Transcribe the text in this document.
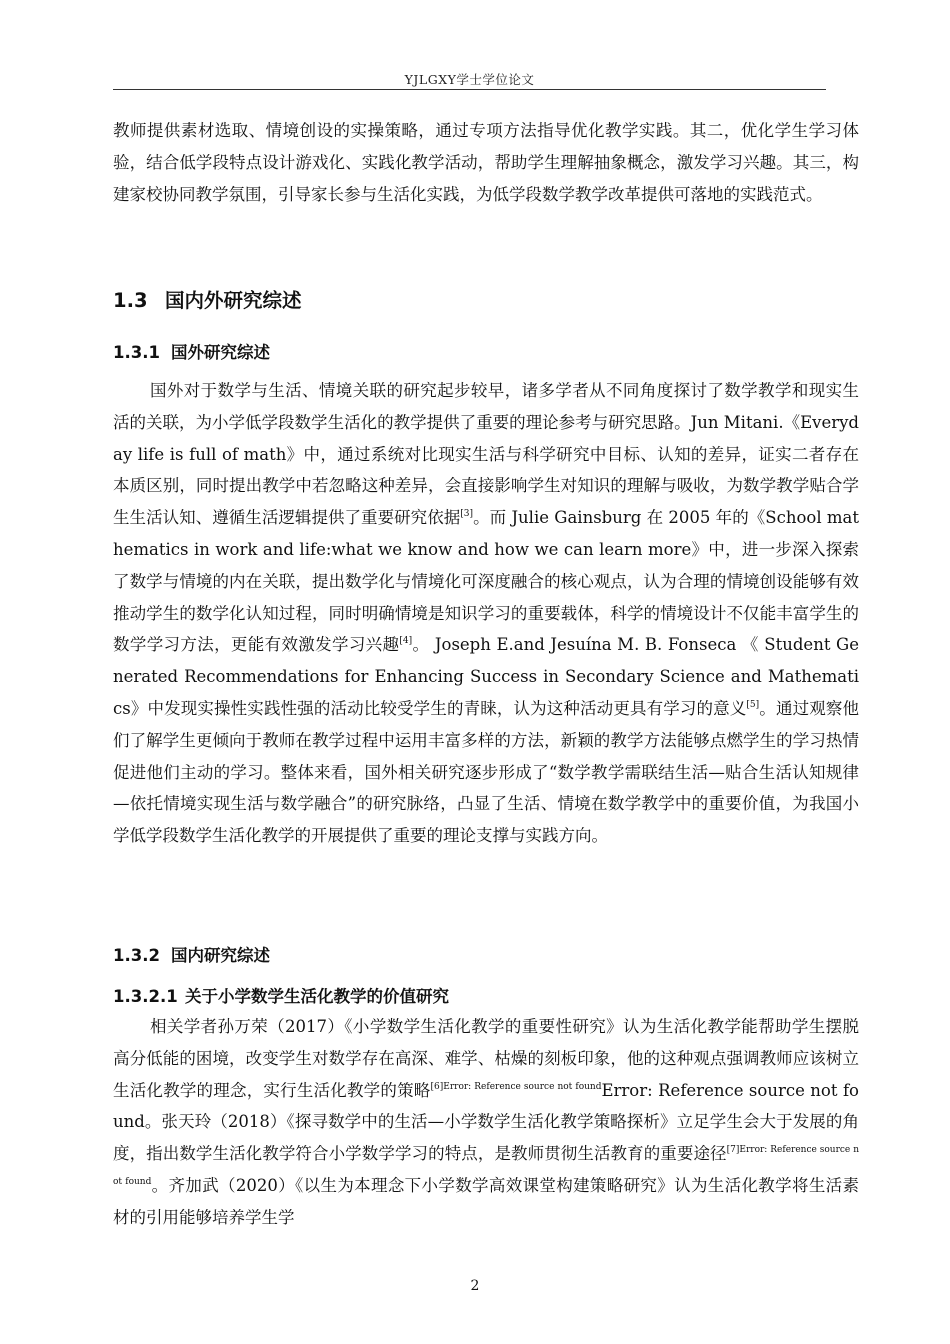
YJLGXY学士学位论文

教师提供素材选取、情境创设的实操策略，通过专项方法指导优化教学实践。其二，优化学生学习体验，结合低学段特点设计游戏化、实践化教学活动，帮助学生理解抽象概念，激发学习兴趣。其三，构建家校协同教学氛围，引导家长参与生活化实践，为低学段数学教学改革提供可落地的实践范式。

1.3 国内外研究综述
1.3.1 国外研究综述

国外对于数学与生活、情境关联的研究起步较早，诸多学者从不同角度探讨了数学教学和现实生活的关联，为小学低学段数学生活化的教学提供了重要的理论参考与研究思路。Jun Mitani.《Everyday life is full of math》中，通过系统对比现实生活与科学研究中目标、认知的差异，证实二者存在本质区别，同时提出教学中若忽略这种差异，会直接影响学生对知识的理解与吸收，为数学教学贴合学生生活认知、遵循生活逻辑提供了重要研究依据[3]。而 Julie Gainsburg 在 2005 年的《School mathematics in work and life:what we know and how we can learn more》中，进一步深入探索了数学与情境的内在关联，提出数学化与情境化可深度融合的核心观点，认为合理的情境创设能够有效推动学生的数学化认知过程，同时明确情境是知识学习的重要载体，科学的情境设计不仅能丰富学生的数学学习方法，更能有效激发学习兴趣[4]。 Joseph E.and Jesuína M. B. Fonseca 《 Student Generated Recommendations for Enhancing Success in Secondary Science and Mathematics》中发现实操性实践性强的活动比较受学生的青睐，认为这种活动更具有学习的意义[5]。通过观察他们了解学生更倾向于教师在教学过程中运用丰富多样的方法，新颖的教学方法能够点燃学生的学习热情促进他们主动的学习。整体来看，国外相关研究逐步形成了“数学教学需联结生活—贴合生活认知规律—依托情境实现生活与数学融合”的研究脉络，凸显了生活、情境在数学教学中的重要价值，为我国小学低学段数学生活化教学的开展提供了重要的理论支撑与实践方向。

1.3.2 国内研究综述
1.3.2.1 关于小学数学生活化教学的价值研究

相关学者孙万荣（2017）《小学数学生活化教学的重要性研究》认为生活化教学能帮助学生摆脱高分低能的困境，改变学生对数学存在高深、难学、枯燥的刻板印象，他的这种观点强调教师应该树立生活化教学的理念，实行生活化教学的策略$^{[6]Error: Reference source not found}$Error: Reference source not found。张天玲（2018）《探寻数学中的生活—小学数学生活化教学策略探析》立足学生会大于发展的角度，指出数学生活化教学符合小学数学学习的特点，是教师贯彻生活教育的重要途径$^{[7]Error: Reference source not found}$。齐加武（2020）《以生为本理念下小学数学高效课堂构建策略研究》认为生活化教学将生活素材的引用能够培养学生学

2
